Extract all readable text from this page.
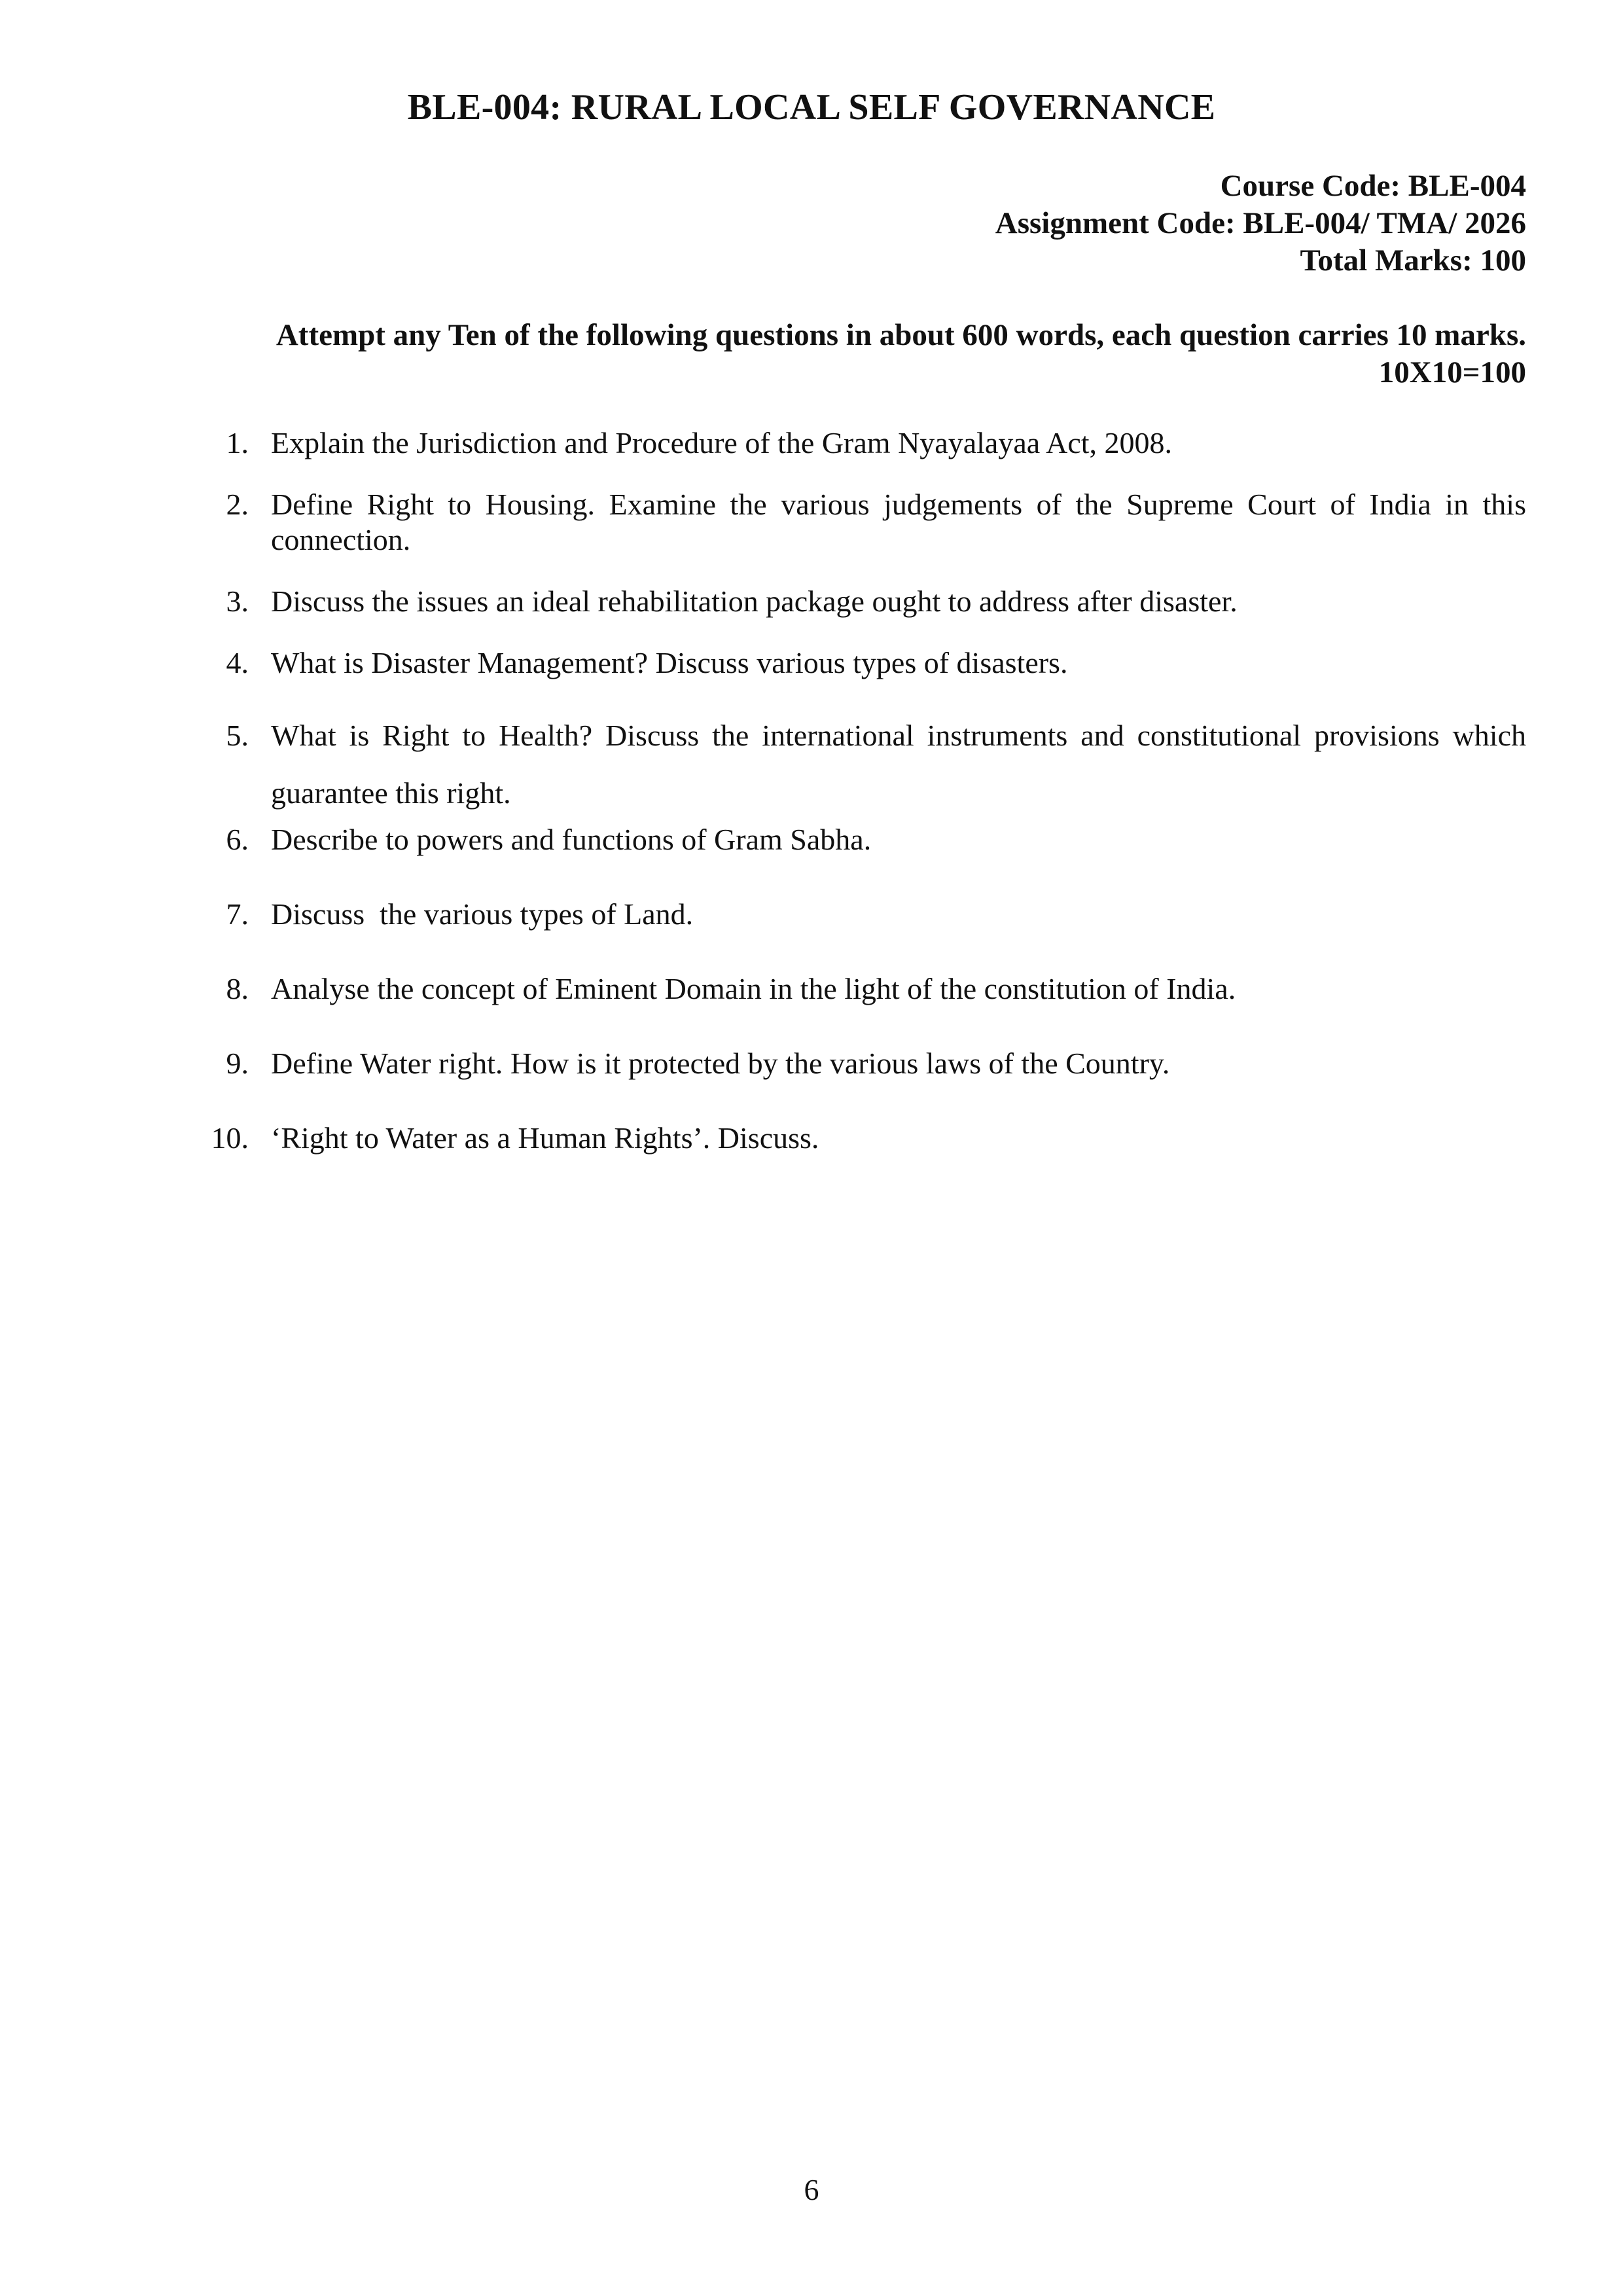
BLE-004: RURAL LOCAL SELF GOVERNANCE
Course Code: BLE-004
Assignment Code: BLE-004/ TMA/ 2026
Total Marks: 100
Attempt any Ten of the following questions in about 600 words, each question carries 10 marks.
10X10=100
1. Explain the Jurisdiction and Procedure of the Gram Nyayalayaa Act, 2008.
2. Define Right to Housing. Examine the various judgements of the Supreme Court of India in this connection.
3. Discuss the issues an ideal rehabilitation package ought to address after disaster.
4. What is Disaster Management? Discuss various types of disasters.
5. What is Right to Health? Discuss the international instruments and constitutional provisions which guarantee this right.
6. Describe to powers and functions of Gram Sabha.
7. Discuss  the various types of Land.
8. Analyse the concept of Eminent Domain in the light of the constitution of India.
9. Define Water right. How is it protected by the various laws of the Country.
10. ‘Right to Water as a Human Rights’. Discuss.
6
